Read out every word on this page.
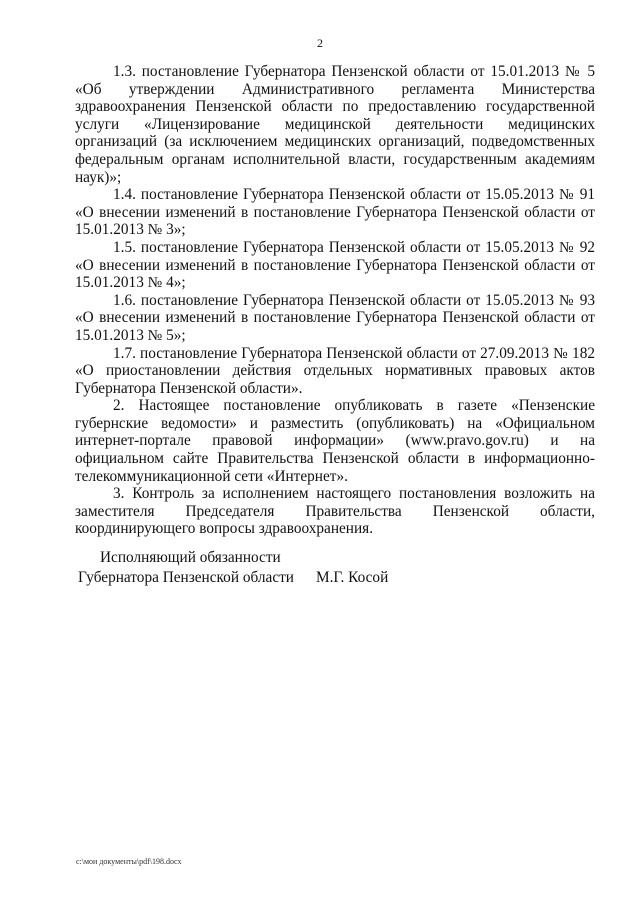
2

1.3. постановление Губернатора Пензенской области от 15.01.2013 № 5 «Об утверждении Административного регламента Министерства здравоохранения Пензенской области по предоставлению государственной услуги «Лицензирование медицинской деятельности медицинских организаций (за исключением медицинских организаций, подведомственных федеральным органам исполнительной власти, государственным академиям наук)»;

1.4. постановление Губернатора Пензенской области от 15.05.2013 № 91 «О внесении изменений в постановление Губернатора Пензенской области от 15.01.2013 № 3»;

1.5. постановление Губернатора Пензенской области от 15.05.2013 № 92 «О внесении изменений в постановление Губернатора Пензенской области от 15.01.2013 № 4»;

1.6. постановление Губернатора Пензенской области от 15.05.2013 № 93 «О внесении изменений в постановление Губернатора Пензенской области от 15.01.2013 № 5»;

1.7. постановление Губернатора Пензенской области от 27.09.2013 № 182 «О приостановлении действия отдельных нормативных правовых актов Губернатора Пензенской области».

2. Настоящее постановление опубликовать в газете «Пензенские губернские ведомости» и разместить (опубликовать) на «Официальном интернет-портале правовой информации» (www.pravo.gov.ru) и на официальном сайте Правительства Пензенской области в информационно-телекоммуникационной сети «Интернет».

3. Контроль за исполнением настоящего постановления возложить на заместителя Председателя Правительства Пензенской области, координирующего вопросы здравоохранения.

Исполняющий обязанности
Губернатора Пензенской области М.Г. Косой
c:\мои документы\pdf\198.docx
